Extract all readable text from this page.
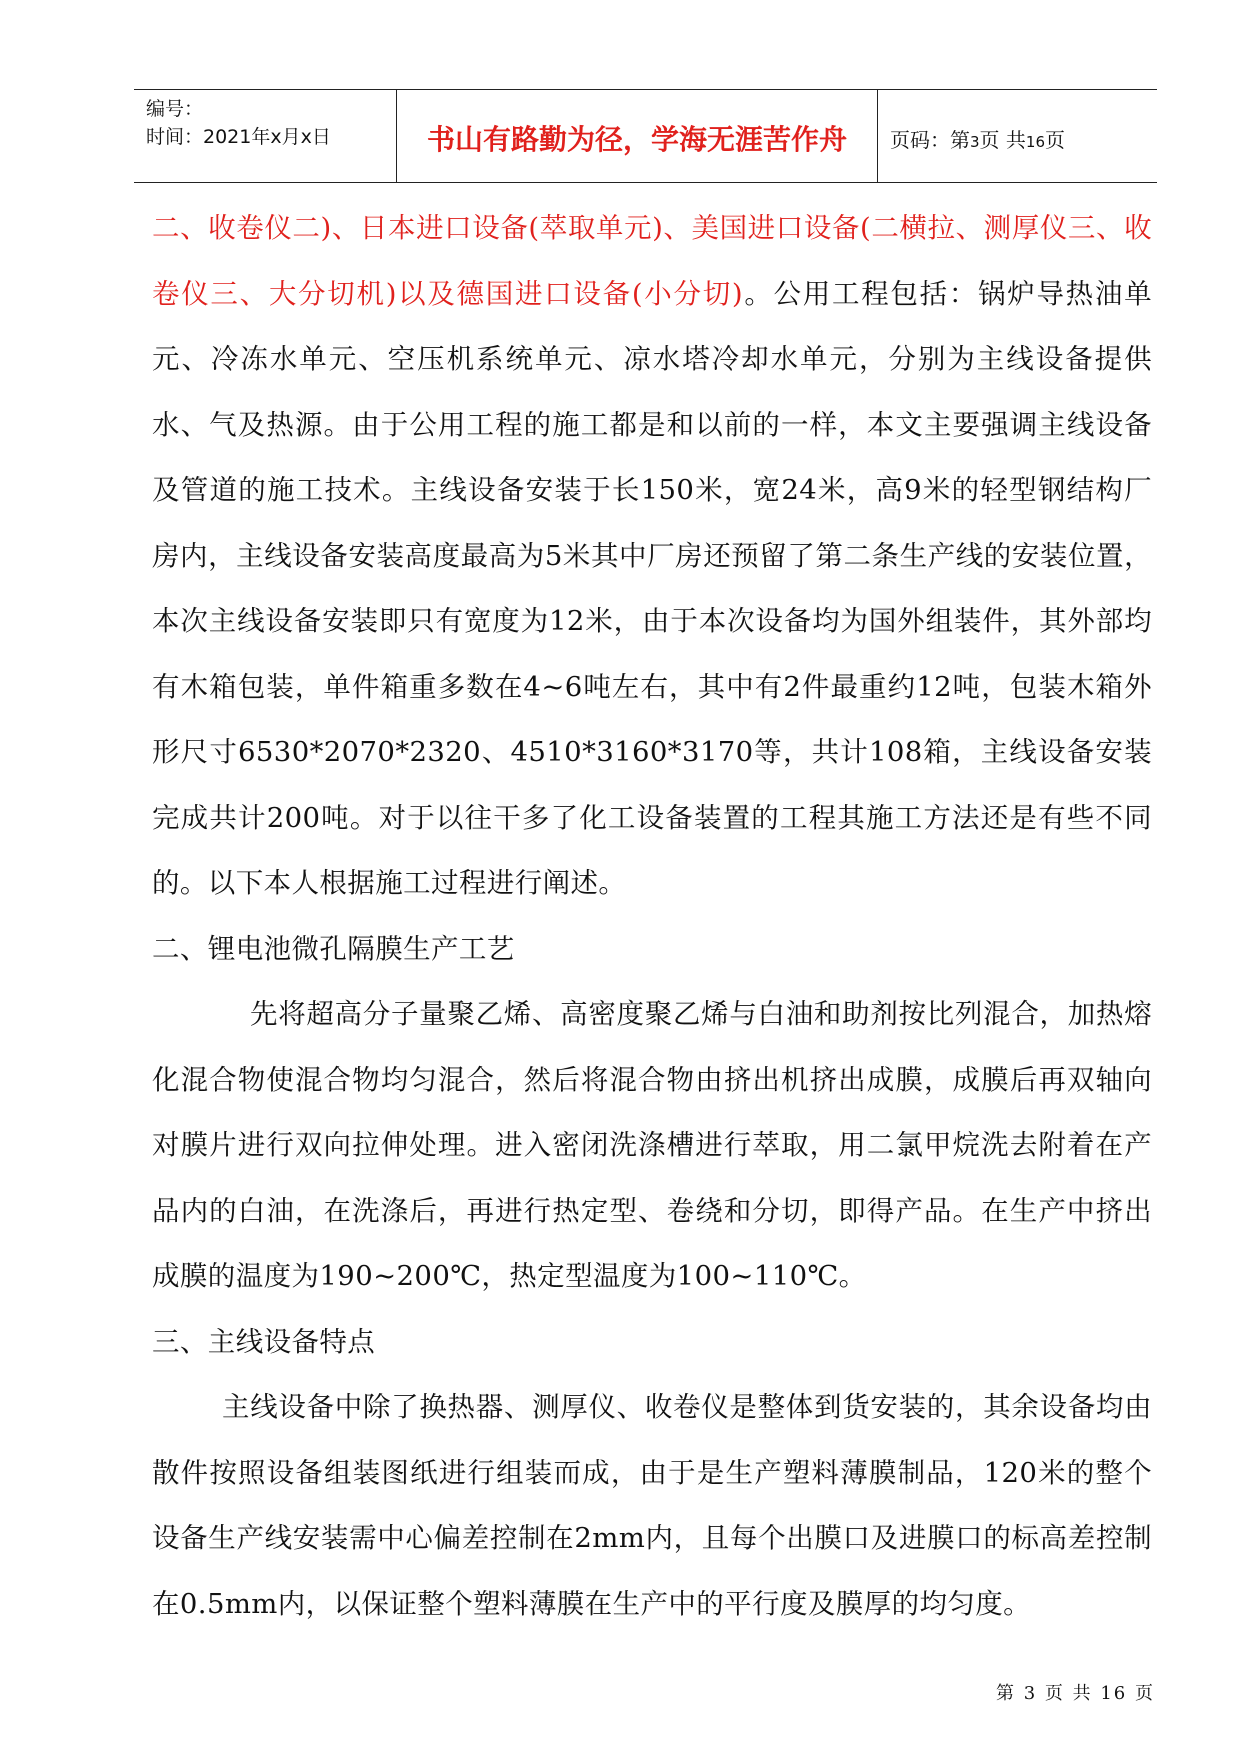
编号：
时间：2021年x月x日	书山有路勤为径，学海无涯苦作舟	页码：第3页 共16页

二、收卷仪二)、日本进口设备(萃取单元)、美国进口设备(二横拉、测厚仪三、收卷仪三、大分切机)以及德国进口设备(小分切)。公用工程包括：锅炉导热油单元、冷冻水单元、空压机系统单元、凉水塔冷却水单元，分别为主线设备提供水、气及热源。由于公用工程的施工都是和以前的一样，本文主要强调主线设备及管道的施工技术。主线设备安装于长150米，宽24米，高9米的轻型钢结构厂房内，主线设备安装高度最高为5米其中厂房还预留了第二条生产线的安装位置，本次主线设备安装即只有宽度为12米，由于本次设备均为国外组装件，其外部均有木箱包装，单件箱重多数在4~6吨左右，其中有2件最重约12吨，包装木箱外形尺寸6530*2070*2320、4510*3160*3170等，共计108箱，主线设备安装完成共计200吨。对于以往干多了化工设备装置的工程其施工方法还是有些不同的。以下本人根据施工过程进行阐述。

二、锂电池微孔隔膜生产工艺

先将超高分子量聚乙烯、高密度聚乙烯与白油和助剂按比列混合，加热熔化混合物使混合物均匀混合，然后将混合物由挤出机挤出成膜，成膜后再双轴向对膜片进行双向拉伸处理。进入密闭洗涤槽进行萃取，用二氯甲烷洗去附着在产品内的白油，在洗涤后，再进行热定型、卷绕和分切，即得产品。在生产中挤出成膜的温度为190~200℃，热定型温度为100~110℃。

三、主线设备特点

主线设备中除了换热器、测厚仪、收卷仪是整体到货安装的，其余设备均由散件按照设备组装图纸进行组装而成，由于是生产塑料薄膜制品，120米的整个设备生产线安装需中心偏差控制在2mm内，且每个出膜口及进膜口的标高差控制在0.5mm内，以保证整个塑料薄膜在生产中的平行度及膜厚的均匀度。

第 3 页 共 16 页
